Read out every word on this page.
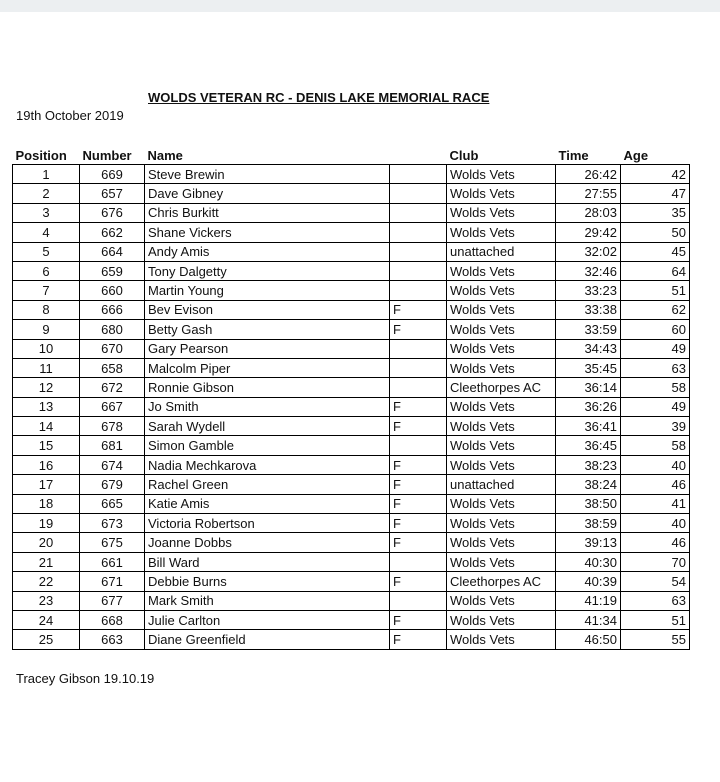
WOLDS VETERAN RC - DENIS LAKE MEMORIAL RACE
19th October 2019
Position	Number	Name		Club	Time	Age
1	669	Steve Brewin		Wolds Vets	26:42	42
2	657	Dave Gibney		Wolds Vets	27:55	47
3	676	Chris Burkitt		Wolds Vets	28:03	35
4	662	Shane Vickers		Wolds Vets	29:42	50
5	664	Andy Amis		unattached	32:02	45
6	659	Tony Dalgetty		Wolds Vets	32:46	64
7	660	Martin Young		Wolds Vets	33:23	51
8	666	Bev Evison	F	Wolds Vets	33:38	62
9	680	Betty Gash	F	Wolds Vets	33:59	60
10	670	Gary Pearson		Wolds Vets	34:43	49
11	658	Malcolm Piper		Wolds Vets	35:45	63
12	672	Ronnie Gibson		Cleethorpes AC	36:14	58
13	667	Jo Smith	F	Wolds Vets	36:26	49
14	678	Sarah Wydell	F	Wolds Vets	36:41	39
15	681	Simon Gamble		Wolds Vets	36:45	58
16	674	Nadia Mechkarova	F	Wolds Vets	38:23	40
17	679	Rachel Green	F	unattached	38:24	46
18	665	Katie Amis	F	Wolds Vets	38:50	41
19	673	Victoria Robertson	F	Wolds Vets	38:59	40
20	675	Joanne Dobbs	F	Wolds Vets	39:13	46
21	661	Bill Ward		Wolds Vets	40:30	70
22	671	Debbie Burns	F	Cleethorpes AC	40:39	54
23	677	Mark Smith		Wolds Vets	41:19	63
24	668	Julie Carlton	F	Wolds Vets	41:34	51
25	663	Diane Greenfield	F	Wolds Vets	46:50	55
Tracey Gibson 19.10.19
